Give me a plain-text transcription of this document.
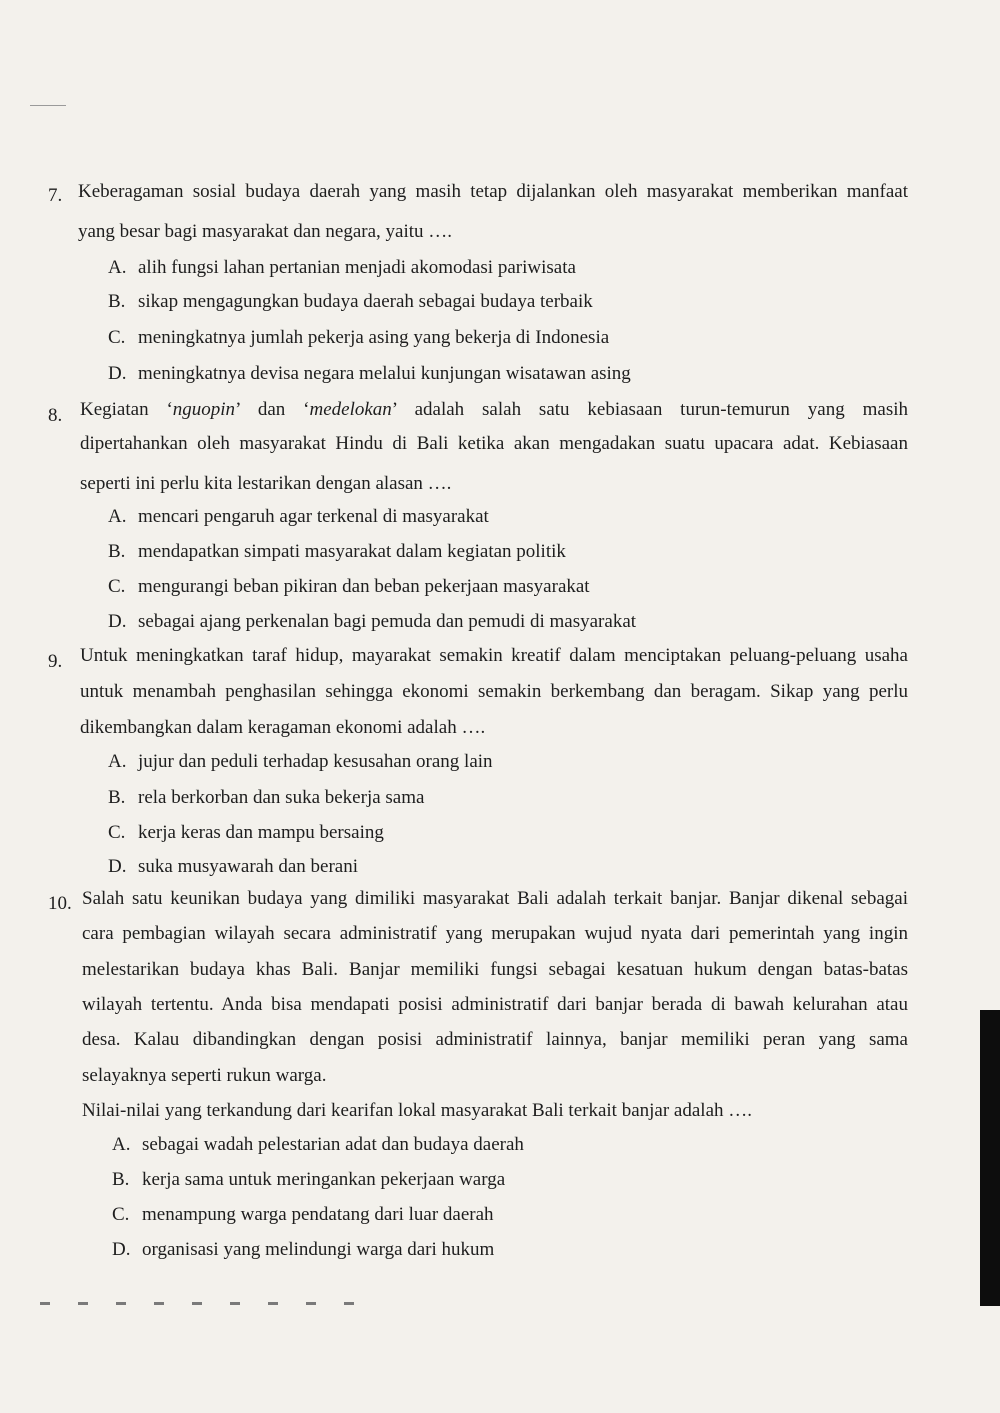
7. Keberagaman sosial budaya daerah yang masih tetap dijalankan oleh masyarakat memberikan manfaat
yang besar bagi masyarakat dan negara, yaitu ….
A. alih fungsi lahan pertanian menjadi akomodasi pariwisata
B. sikap mengagungkan budaya daerah sebagai budaya terbaik
C. meningkatnya jumlah pekerja asing yang bekerja di Indonesia
D. meningkatnya devisa negara melalui kunjungan wisatawan asing
8. Kegiatan ‘nguopin’ dan ‘medelokan’ adalah salah satu kebiasaan turun-temurun yang masih
dipertahankan oleh masyarakat Hindu di Bali ketika akan mengadakan suatu upacara adat. Kebiasaan
seperti ini perlu kita lestarikan dengan alasan ….
A. mencari pengaruh agar terkenal di masyarakat
B. mendapatkan simpati masyarakat dalam kegiatan politik
C. mengurangi beban pikiran dan beban pekerjaan masyarakat
D. sebagai ajang perkenalan bagi pemuda dan pemudi di masyarakat
9. Untuk meningkatkan taraf hidup, mayarakat semakin kreatif dalam menciptakan peluang-peluang usaha
untuk menambah penghasilan sehingga ekonomi semakin berkembang dan beragam. Sikap yang perlu
dikembangkan dalam keragaman ekonomi adalah ….
A. jujur dan peduli terhadap kesusahan orang lain
B. rela berkorban dan suka bekerja sama
C. kerja keras dan mampu bersaing
D. suka musyawarah dan berani
10. Salah satu keunikan budaya yang dimiliki masyarakat Bali adalah terkait banjar. Banjar dikenal sebagai
cara pembagian wilayah secara administratif yang merupakan wujud nyata dari pemerintah yang ingin
melestarikan budaya khas Bali. Banjar memiliki fungsi sebagai kesatuan hukum dengan batas-batas
wilayah tertentu. Anda bisa mendapati posisi administratif dari banjar berada di bawah kelurahan atau
desa. Kalau dibandingkan dengan posisi administratif lainnya, banjar memiliki peran yang sama
selayaknya seperti rukun warga.
Nilai-nilai yang terkandung dari kearifan lokal masyarakat Bali terkait banjar adalah ….
A. sebagai wadah pelestarian adat dan budaya daerah
B. kerja sama untuk meringankan pekerjaan warga
C. menampung warga pendatang dari luar daerah
D. organisasi yang melindungi warga dari hukum
